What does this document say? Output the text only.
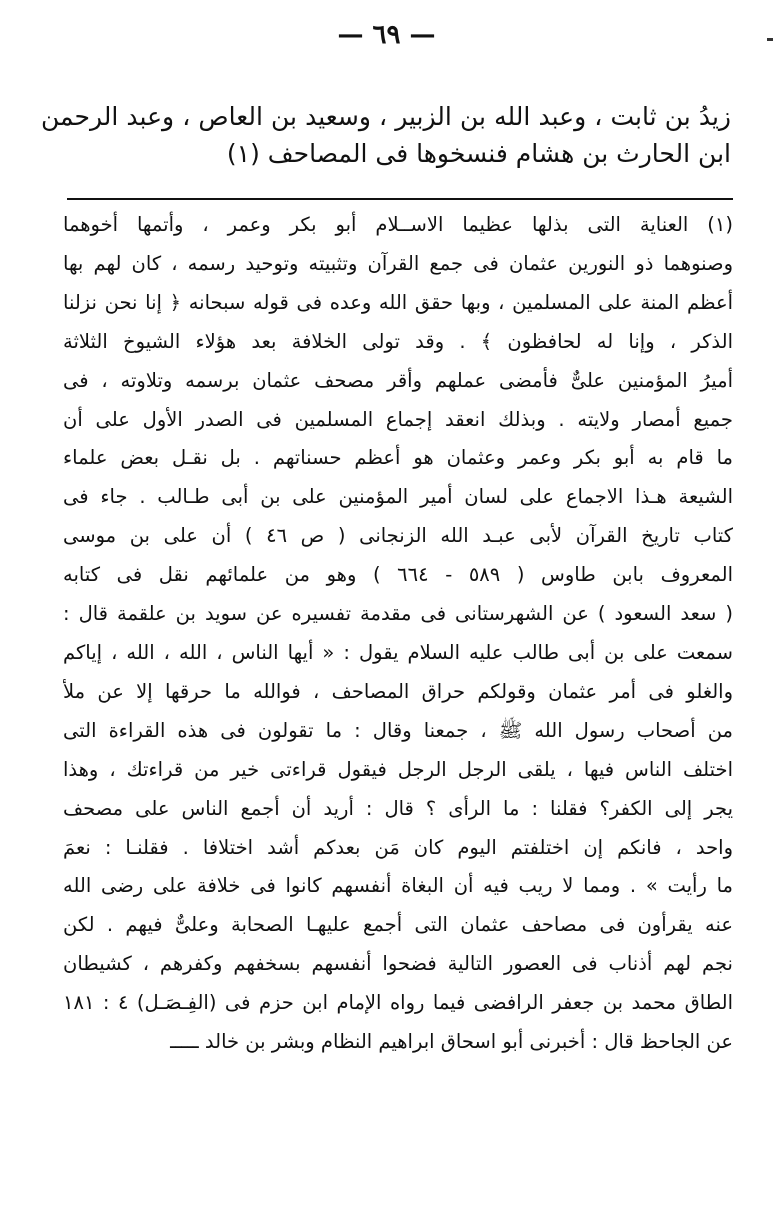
— ٦٩ —
زيدُ بن ثابت ، وعبد الله بن الزبير ، وسعيد بن العاص ، وعبد الرحمن
ابن الحارث بن هشام فنسخوها فى المصاحف (١)
(١) العناية التى بذلها عظيما الاســلام أبو بكر وعمر ، وأتمها أخوهما
وصنوهما ذو النورين عثمان فى جمع القرآن وتثبيته وتوحيد رسمه ، كان لهم بها
أعظم المنة على المسلمين ، وبها حقق الله وعده فى قوله سبحانه ﴿ إنا نحن نزلنا
الذكر ، وإنا له لحافظون ﴾ . وقد تولى الخلافة بعد هؤلاء الشيوخ الثلاثة
أميرُ المؤمنين علىٌّ فأمضى عملهم وأقر مصحف عثمان برسمه وتلاوته ، فى
جميع أمصار ولايته . وبذلك انعقد إجماع المسلمين فى الصدر الأول على أن
ما قام به أبو بكر وعمر وعثمان هو أعظم حسناتهم . بل نقـل بعض علماء
الشيعة هـذا الاجماع على لسان أمير المؤمنين على بن أبى طـالب . جاء فى
كتاب تاريخ القرآن لأبى عبـد الله الزنجانى ( ص ٤٦ ) أن على بن موسى
المعروف بابن طاوس ( ٥٨٩ - ٦٦٤ ) وهو من علمائهم نقل فى كتابه
( سعد السعود ) عن الشهرستانى فى مقدمة تفسيره عن سويد بن علقمة قال :
سمعت على بن أبى طالب عليه السلام يقول : « أيها الناس ، الله ، الله ، إياكم
والغلو فى أمر عثمان وقولكم حراق المصاحف ، فوالله ما حرقها إلا عن ملأ
من أصحاب رسول الله ﷺ ، جمعنا وقال : ما تقولون فى هذه القراءة التى
اختلف الناس فيها ، يلقى الرجل الرجل فيقول قراءتى خير من قراءتك ، وهذا
يجر إلى الكفر؟ فقلنا : ما الرأى ؟ قال : أريد أن أجمع الناس على مصحف
واحد ، فانكم إن اختلفتم اليوم كان مَن بعدكم أشد اختلافا . فقلنـا : نعمَ
ما رأيت » . ومما لا ريب فيه أن البغاة أنفسهم كانوا فى خلافة على رضى الله
عنه يقرأون فى مصاحف عثمان التى أجمع عليهـا الصحابة وعلىٌّ فيهم . لكن
نجم لهم أذناب فى العصور التالية فضحوا أنفسهم بسخفهم وكفرهم ، كشيطان
الطاق محمد بن جعفر الرافضى فيما رواه الإمام ابن حزم فى (الفِـصَـل) ٤ : ١٨١
عن الجاحظ قال : أخبرنى أبو اسحاق ابراهيم النظام وبشر بن خالد ـــــ
